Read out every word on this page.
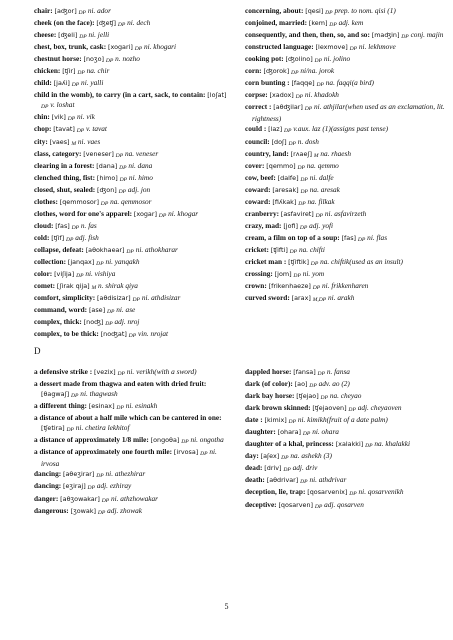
chair: [aʤor] DP ni. ador
cheek (on the face): [ʤeʧ] DP ni. dech
cheese: [ʤeli] DP ni. jelli
chest, box, trunk, cask: [xogari] DP ni. khogari
chestnut horse: [noʒo] DP n. nozho
chicken: [ʧir] DP na. chir
child: [jaʎi] DP ni. yalli
child in the womb), to carry (in a cart, sack, to contain: [loʃat] DP v. loshat
chin: [vik] DP ni. vik
chop: [tavat] DP v. tavat
city: [vaes] M ni. vaes
class, category: [veneser] DP na. veneser
clearing in a forest: [dana] DP ni. dana
clenched thing, fist: [himo] DP ni. himo
closed, shut, sealed: [ʤon] DP adj. jon
clothes: [qemmosor] DP na. qemmosor
clothes, word for one's apparel: [xogar] DP ni. khogar
cloud: [fas] DP n. fas
cold: [ʧif] DP adj. fish
collapse, defeat: [aθokhaear] DP ni. athokharar
collection: [janqax] DP ni. yanqakh
color: [viʃija] DP ni. vishiya
comet: [ʃirak qija] M n. shirak qiya
comfort, simplicity: [aθdisizar] DP ni. athdisizar
command, word: [ase] DP ni. ase
complex, thick: [noʤ] DP adj. nroj
complex, to be thick: [noʤat] DP vin. nrojat
concerning, about: [qesi] DP prep. to nom. qisi (1)
conjoined, married: [kem] DP adj. kem
consequently, and then, then, so, and so: [maʤin] DP conj. majin
constructed language: [lexmove] DP ni. lekhmove
cooking pot: [ʤolino] DP ni. jolino
corn: [ʤorok] DP ni/na. jorok
corn bunting : [faqqe] DP na. faqqi(a bird)
corpse: [xadox] DP ni. khadokh
correct : [aθʤilar] DP ni. athjilar(when used as an exclamation, lit. rightness)
could : [laz] DP v.aux. laz (1)(assigns past tense)
council: [doʃ] DP n. dosh
country, land: [rʌaeʃ] M na. rhaesh
cover: [qemmo] DP na. qemmo
cow, beef: [dalfe] DP ni. dalfe
coward: [aresak] DP na. aresak
coward: [fiʎkak] DP na. filkak
cranberry: [asfaviret] DP ni. asfavirzeth
crazy, mad: [jofi] DP adj. yofi
cream, a film on top of a soup: [fas] DP ni. flas
cricket: [ʧifti] DP na. chifti
cricket man : [ʧiftik] DP na. chiftik(used as an insult)
crossing: [jom] DP ni. yom
crown: [frikenhaeze] DP ni. frikkenharen
curved sword: [arax] M,DP ni. arakh
D
a defensive strike : [vezix] DP ni. verikh(with a sword)
a dessert made from thagwa and eaten with dried fruit: [θagwaʃ] DP ni. thagwash
a different thing: [esinax] DP ni. esinakh
a distance of about a half mile which can be cantered in one: [ʧetira] DP ni. chetira lekhitof
a distance of approximately 1/8 mile: [ongoθa] DP ni. ongotha
a distance of approximately one fourth mile: [irvosa] DP ni. irvosa
dancing: [aθeʒirar] DP ni. athezhirar
dancing: [eʒiraj] DP adj. ezhiray
danger: [aθʒowakar] DP ni. athzhowakar
dangerous: [ʒowak] DP adj. zhowak
dappled horse: [fansa] DP n. fansa
dark (of color): [ao] DP adv. ao (2)
dark bay horse: [ʧejao] DP na. cheyao
dark brown skinned: [ʧejaoven] DP adj. cheyaoven
date : [kimix] DP ni. kimikh(fruit of a date palm)
daughter: [ohara] DP ni. ohara
daughter of a khal, princess: [xalakki] DP na. khalakki
day: [aʃex] DP na. ashekh (3)
dead: [driv] DP adj. driv
death: [aθdrivar] DP ni. athdrivar
deception, lie, trap: [qosarvenix] DP ni. qosarvenikh
deceptive: [qosarven] DP adj. qosarven
5
